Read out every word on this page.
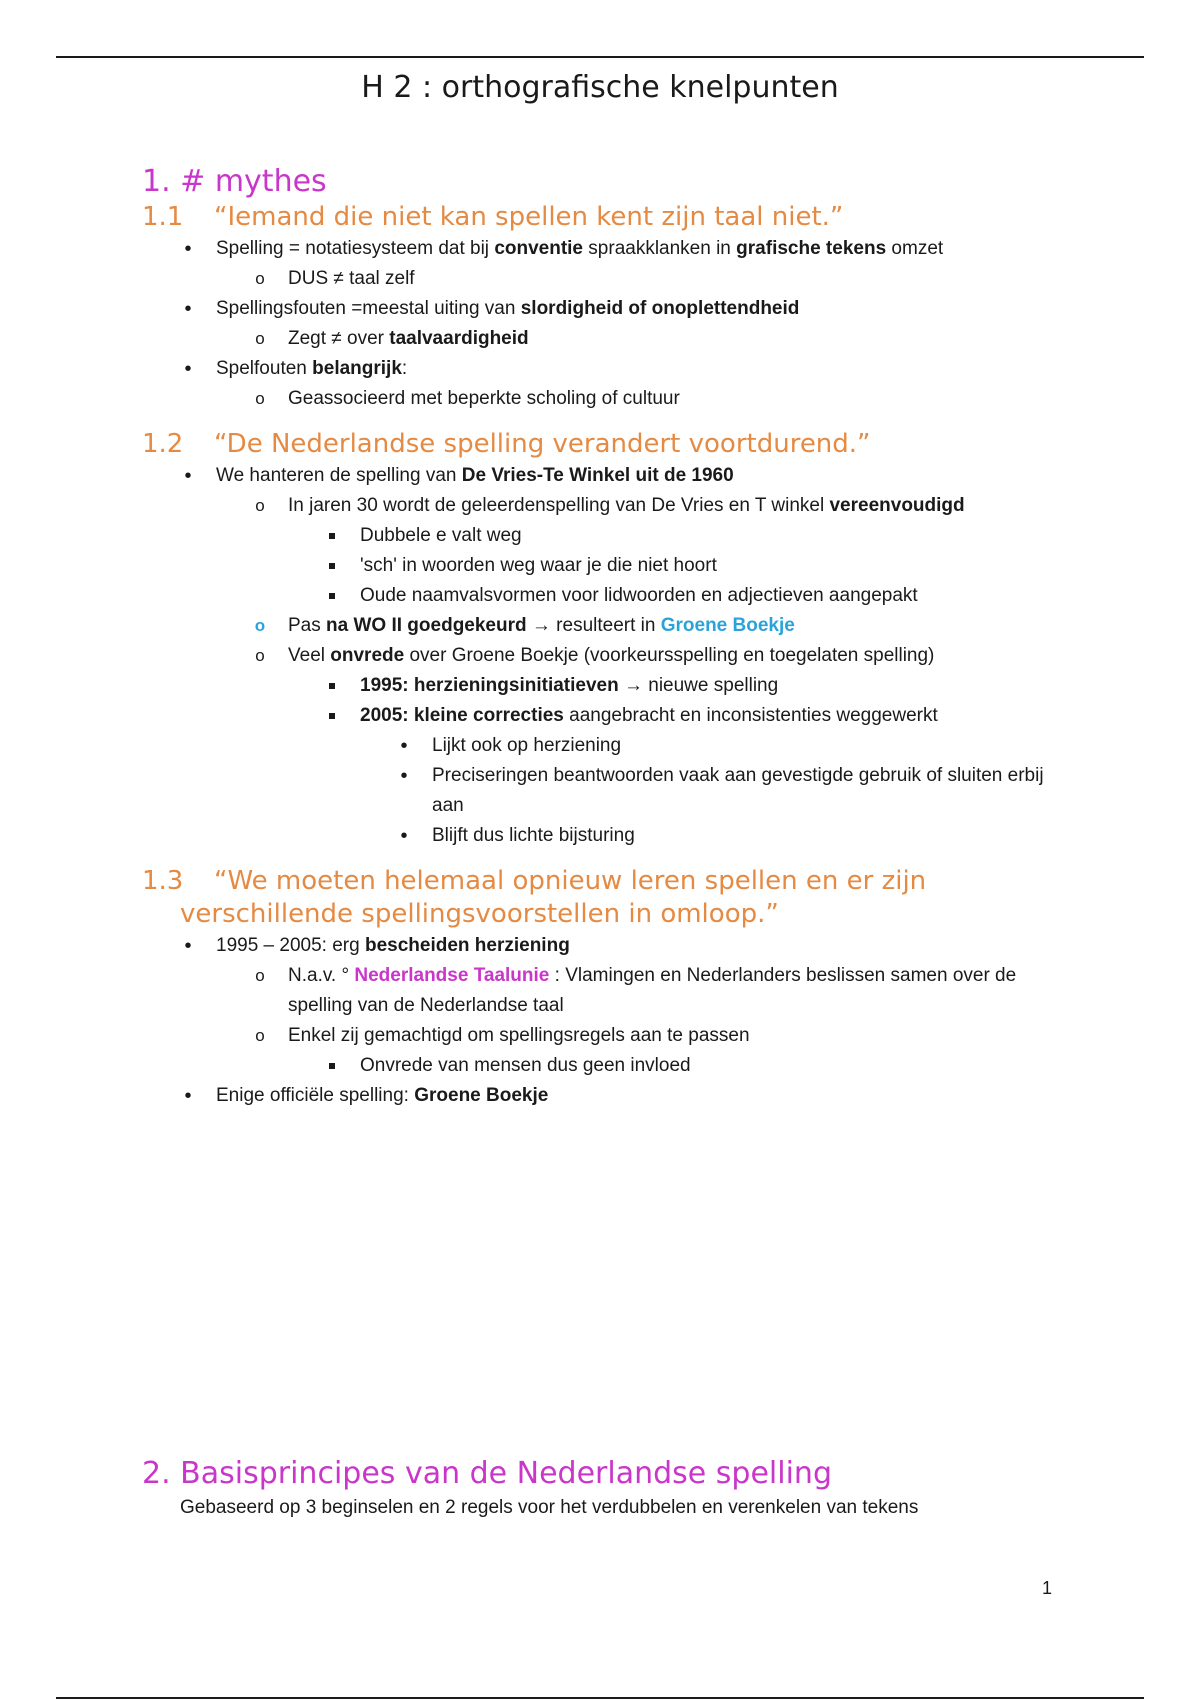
H 2 : orthografische knelpunten
1. # mythes
1.1	“Iemand die niet kan spellen kent zijn taal niet.”
•
Spelling = notatiesysteem dat bij conventie spraakklanken in grafische tekens omzet
o
DUS ≠ taal zelf
•
Spellingsfouten =meestal uiting van slordigheid of onoplettendheid
o
Zegt ≠ over taalvaardigheid
•
Spelfouten belangrijk:
o
Geassocieerd met beperkte scholing of cultuur
1.2	“De Nederlandse spelling verandert voortdurend.”
•
We hanteren de spelling van De Vries-Te Winkel uit de 1960
o
In jaren 30 wordt de geleerdenspelling van De Vries en T winkel vereenvoudigd
Dubbele e valt weg
'sch' in woorden weg waar je die niet hoort
Oude naamvalsvormen voor lidwoorden en adjectieven aangepakt
o
Pas na WO II goedgekeurd → resulteert in Groene Boekje
o
Veel onvrede over Groene Boekje (voorkeursspelling en toegelaten spelling)
1995: herzieningsinitiatieven → nieuwe spelling
2005: kleine correcties aangebracht en inconsistenties weggewerkt
•
Lijkt ook op herziening
•
Preciseringen beantwoorden vaak aan gevestigde gebruik of sluiten erbij aan
•
Blijft dus lichte bijsturing
1.3 “We moeten helemaal opnieuw leren spellen en er zijn
verschillende spellingsvoorstellen in omloop.”
•
1995 – 2005: erg bescheiden herziening
o
N.a.v. ° Nederlandse Taalunie : Vlamingen en Nederlanders beslissen samen over de spelling van de Nederlandse taal
o
Enkel zij gemachtigd om spellingsregels aan te passen
Onvrede van mensen dus geen invloed
•
Enige officiële spelling: Groene Boekje
2. Basisprincipes van de Nederlandse spelling

Gebaseerd op 3 beginselen en 2 regels voor het verdubbelen en verenkelen van tekens

1
